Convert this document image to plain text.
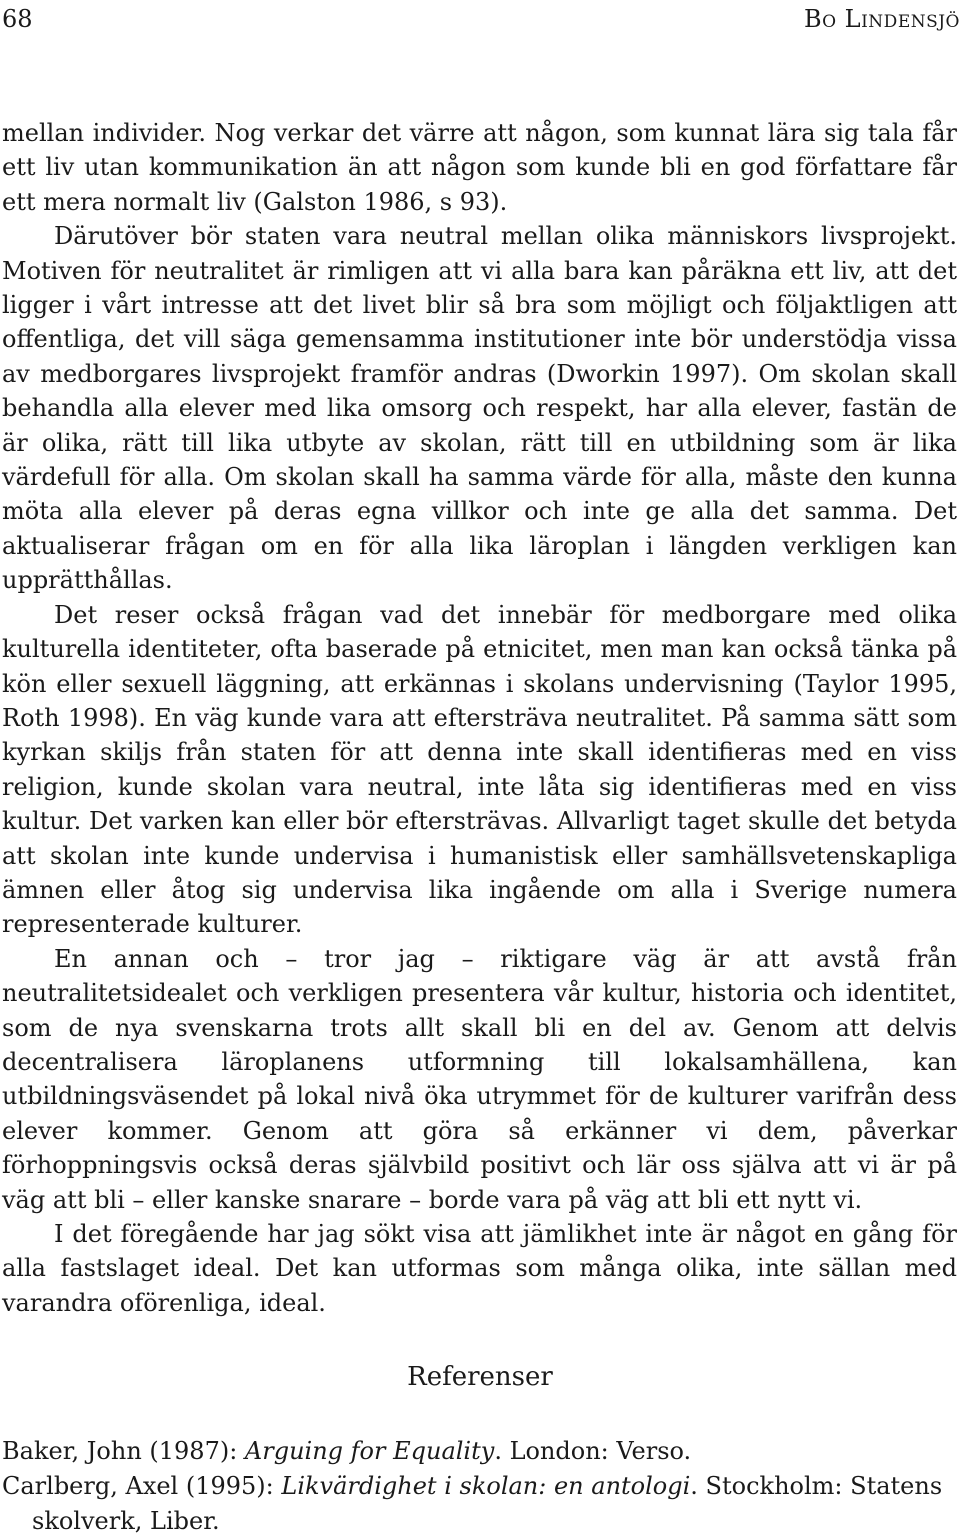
68	Bo Lindensjö

mellan individer. Nog verkar det värre att någon, som kunnat lära sig tala får ett liv utan kommunikation än att någon som kunde bli en god författare får ett mera normalt liv (Galston 1986, s 93).

Därutöver bör staten vara neutral mellan olika människors livsprojekt. Motiven för neutralitet är rimligen att vi alla bara kan påräkna ett liv, att det ligger i vårt intresse att det livet blir så bra som möjligt och följaktligen att offentliga, det vill säga gemensamma institutioner inte bör understödja vissa av medborgares livsprojekt framför andras (Dworkin 1997). Om skolan skall behandla alla elever med lika omsorg och respekt, har alla elever, fastän de är olika, rätt till lika utbyte av skolan, rätt till en utbildning som är lika värdefull för alla. Om skolan skall ha samma värde för alla, måste den kunna möta alla elever på deras egna villkor och inte ge alla det samma. Det aktualiserar frågan om en för alla lika läroplan i längden verkligen kan upprätthållas.

Det reser också frågan vad det innebär för medborgare med olika kulturella identiteter, ofta baserade på etnicitet, men man kan också tänka på kön eller sexuell läggning, att erkännas i skolans undervisning (Taylor 1995, Roth 1998). En väg kunde vara att eftersträva neutralitet. På samma sätt som kyrkan skiljs från staten för att denna inte skall identifieras med en viss religion, kunde skolan vara neutral, inte låta sig identifieras med en viss kultur. Det varken kan eller bör eftersträvas. Allvarligt taget skulle det betyda att skolan inte kunde undervisa i humanistisk eller samhällsvetenskapliga ämnen eller åtog sig undervisa lika ingående om alla i Sverige numera representerade kulturer.

En annan och – tror jag – riktigare väg är att avstå från neutralitetsidealet och verkligen presentera vår kultur, historia och identitet, som de nya svenskarna trots allt skall bli en del av. Genom att delvis decentralisera läroplanens utformning till lokalsamhällena, kan utbildningsväsendet på lokal nivå öka utrymmet för de kulturer varifrån dess elever kommer. Genom att göra så erkänner vi dem, påverkar förhoppningsvis också deras självbild positivt och lär oss själva att vi är på väg att bli – eller kanske snarare – borde vara på väg att bli ett nytt vi.

I det föregående har jag sökt visa att jämlikhet inte är något en gång för alla fastslaget ideal. Det kan utformas som många olika, inte sällan med varandra oförenliga, ideal.

Referenser
Baker, John (1987): Arguing for Equality. London: Verso.
Carlberg, Axel (1995): Likvärdighet i skolan: en antologi. Stockholm: Statens skolverk, Liber.
